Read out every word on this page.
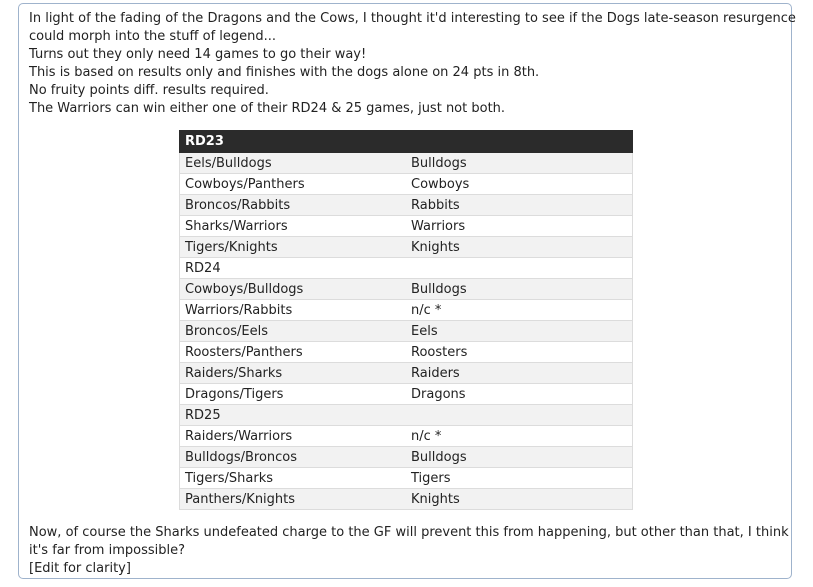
In light of the fading of the Dragons and the Cows, I thought it'd interesting to see if the Dogs late-season resurgence
could morph into the stuff of legend...
Turns out they only need 14 games to go their way!
This is based on results only and finishes with the dogs alone on 24 pts in 8th.
No fruity points diff. results required.
The Warriors can win either one of their RD24 & 25 games, just not both.
RD23	
Eels/Bulldogs	Bulldogs
Cowboys/Panthers	Cowboys
Broncos/Rabbits	Rabbits
Sharks/Warriors	Warriors
Tigers/Knights	Knights
RD24	
Cowboys/Bulldogs	Bulldogs
Warriors/Rabbits	n/c *
Broncos/Eels	Eels
Roosters/Panthers	Roosters
Raiders/Sharks	Raiders
Dragons/Tigers	Dragons
RD25	
Raiders/Warriors	n/c *
Bulldogs/Broncos	Bulldogs
Tigers/Sharks	Tigers
Panthers/Knights	Knights
Now, of course the Sharks undefeated charge to the GF will prevent this from happening, but other than that, I think
it's far from impossible?
[Edit for clarity]
